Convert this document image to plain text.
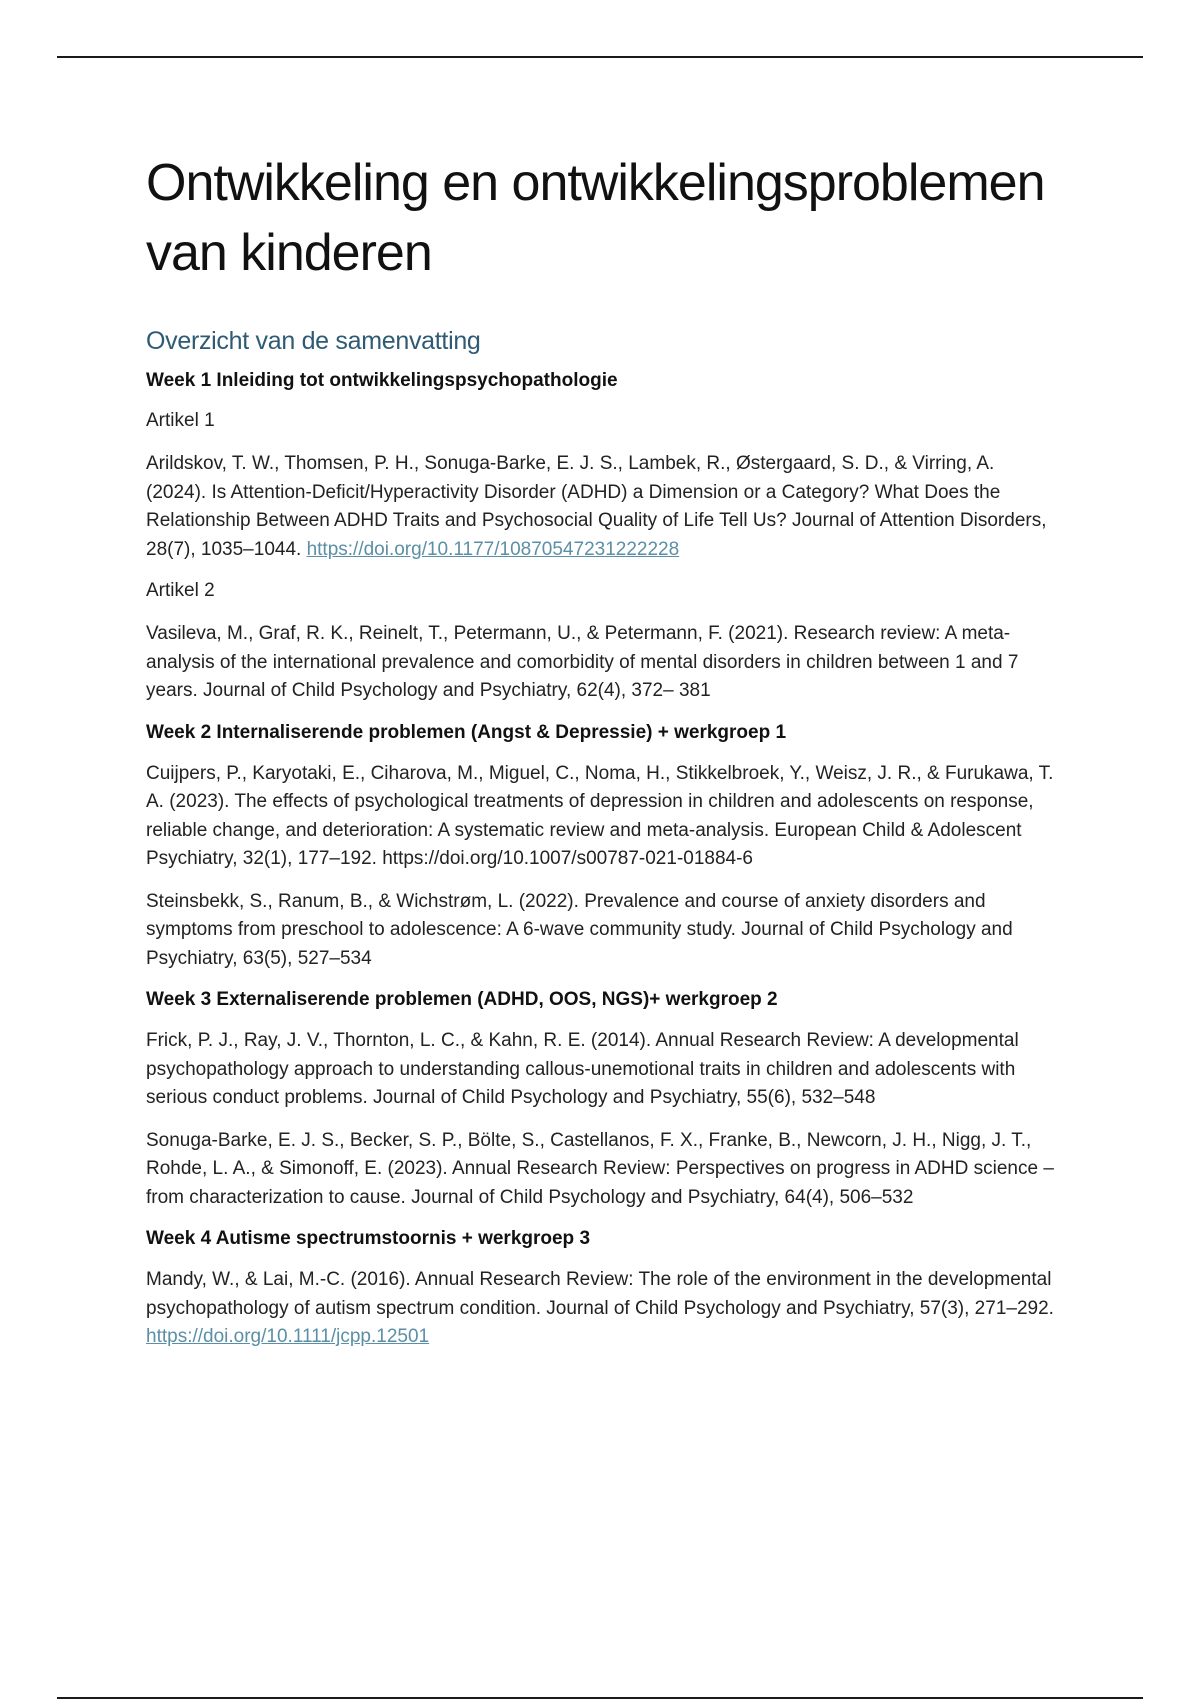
Ontwikkeling en ontwikkelingsproblemen van kinderen
Overzicht van de samenvatting
Week 1 Inleiding tot ontwikkelingspsychopathologie
Artikel 1

Arildskov, T. W., Thomsen, P. H., Sonuga-Barke, E. J. S., Lambek, R., Østergaard, S. D., & Virring, A. (2024). Is Attention-Deficit/Hyperactivity Disorder (ADHD) a Dimension or a Category? What Does the Relationship Between ADHD Traits and Psychosocial Quality of Life Tell Us? Journal of Attention Disorders, 28(7), 1035–1044. https://doi.org/10.1177/10870547231222228

Artikel 2

Vasileva, M., Graf, R. K., Reinelt, T., Petermann, U., & Petermann, F. (2021). Research review: A meta-analysis of the international prevalence and comorbidity of mental disorders in children between 1 and 7 years. Journal of Child Psychology and Psychiatry, 62(4), 372– 381

Week 2 Internaliserende problemen (Angst & Depressie) + werkgroep 1

Cuijpers, P., Karyotaki, E., Ciharova, M., Miguel, C., Noma, H., Stikkelbroek, Y., Weisz, J. R., & Furukawa, T. A. (2023). The effects of psychological treatments of depression in children and adolescents on response, reliable change, and deterioration: A systematic review and meta-analysis. European Child & Adolescent Psychiatry, 32(1), 177–192. https://doi.org/10.1007/s00787-021-01884-6

Steinsbekk, S., Ranum, B., & Wichstrøm, L. (2022). Prevalence and course of anxiety disorders and symptoms from preschool to adolescence: A 6-wave community study. Journal of Child Psychology and Psychiatry, 63(5), 527–534

Week 3 Externaliserende problemen (ADHD, OOS, NGS)+ werkgroep 2

Frick, P. J., Ray, J. V., Thornton, L. C., & Kahn, R. E. (2014). Annual Research Review: A developmental psychopathology approach to understanding callous-unemotional traits in children and adolescents with serious conduct problems. Journal of Child Psychology and Psychiatry, 55(6), 532–548

Sonuga-Barke, E. J. S., Becker, S. P., Bölte, S., Castellanos, F. X., Franke, B., Newcorn, J. H., Nigg, J. T., Rohde, L. A., & Simonoff, E. (2023). Annual Research Review: Perspectives on progress in ADHD science – from characterization to cause. Journal of Child Psychology and Psychiatry, 64(4), 506–532

Week 4 Autisme spectrumstoornis + werkgroep 3

Mandy, W., & Lai, M.-C. (2016). Annual Research Review: The role of the environment in the developmental psychopathology of autism spectrum condition. Journal of Child Psychology and Psychiatry, 57(3), 271–292. https://doi.org/10.1111/jcpp.12501
